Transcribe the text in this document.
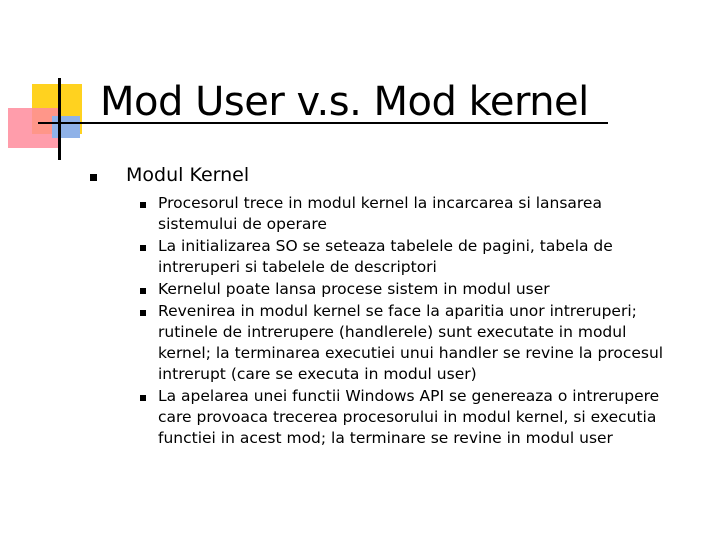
Mod User v.s. Mod kernel
Modul Kernel
Procesorul trece in modul kernel la incarcarea si lansarea sistemului de operare
La initializarea SO se seteaza tabelele de pagini, tabela de intreruperi si tabelele de descriptori
Kernelul poate lansa procese sistem in modul user
Revenirea in modul kernel se face la aparitia unor intreruperi; rutinele de intrerupere (handlerele) sunt executate in modul kernel; la terminarea executiei unui handler se revine la procesul intrerupt (care se executa in modul user)
La apelarea unei functii Windows API se genereaza o intrerupere care provoaca trecerea procesorului in modul kernel, si executia functiei in acest mod; la terminare se revine in modul user
